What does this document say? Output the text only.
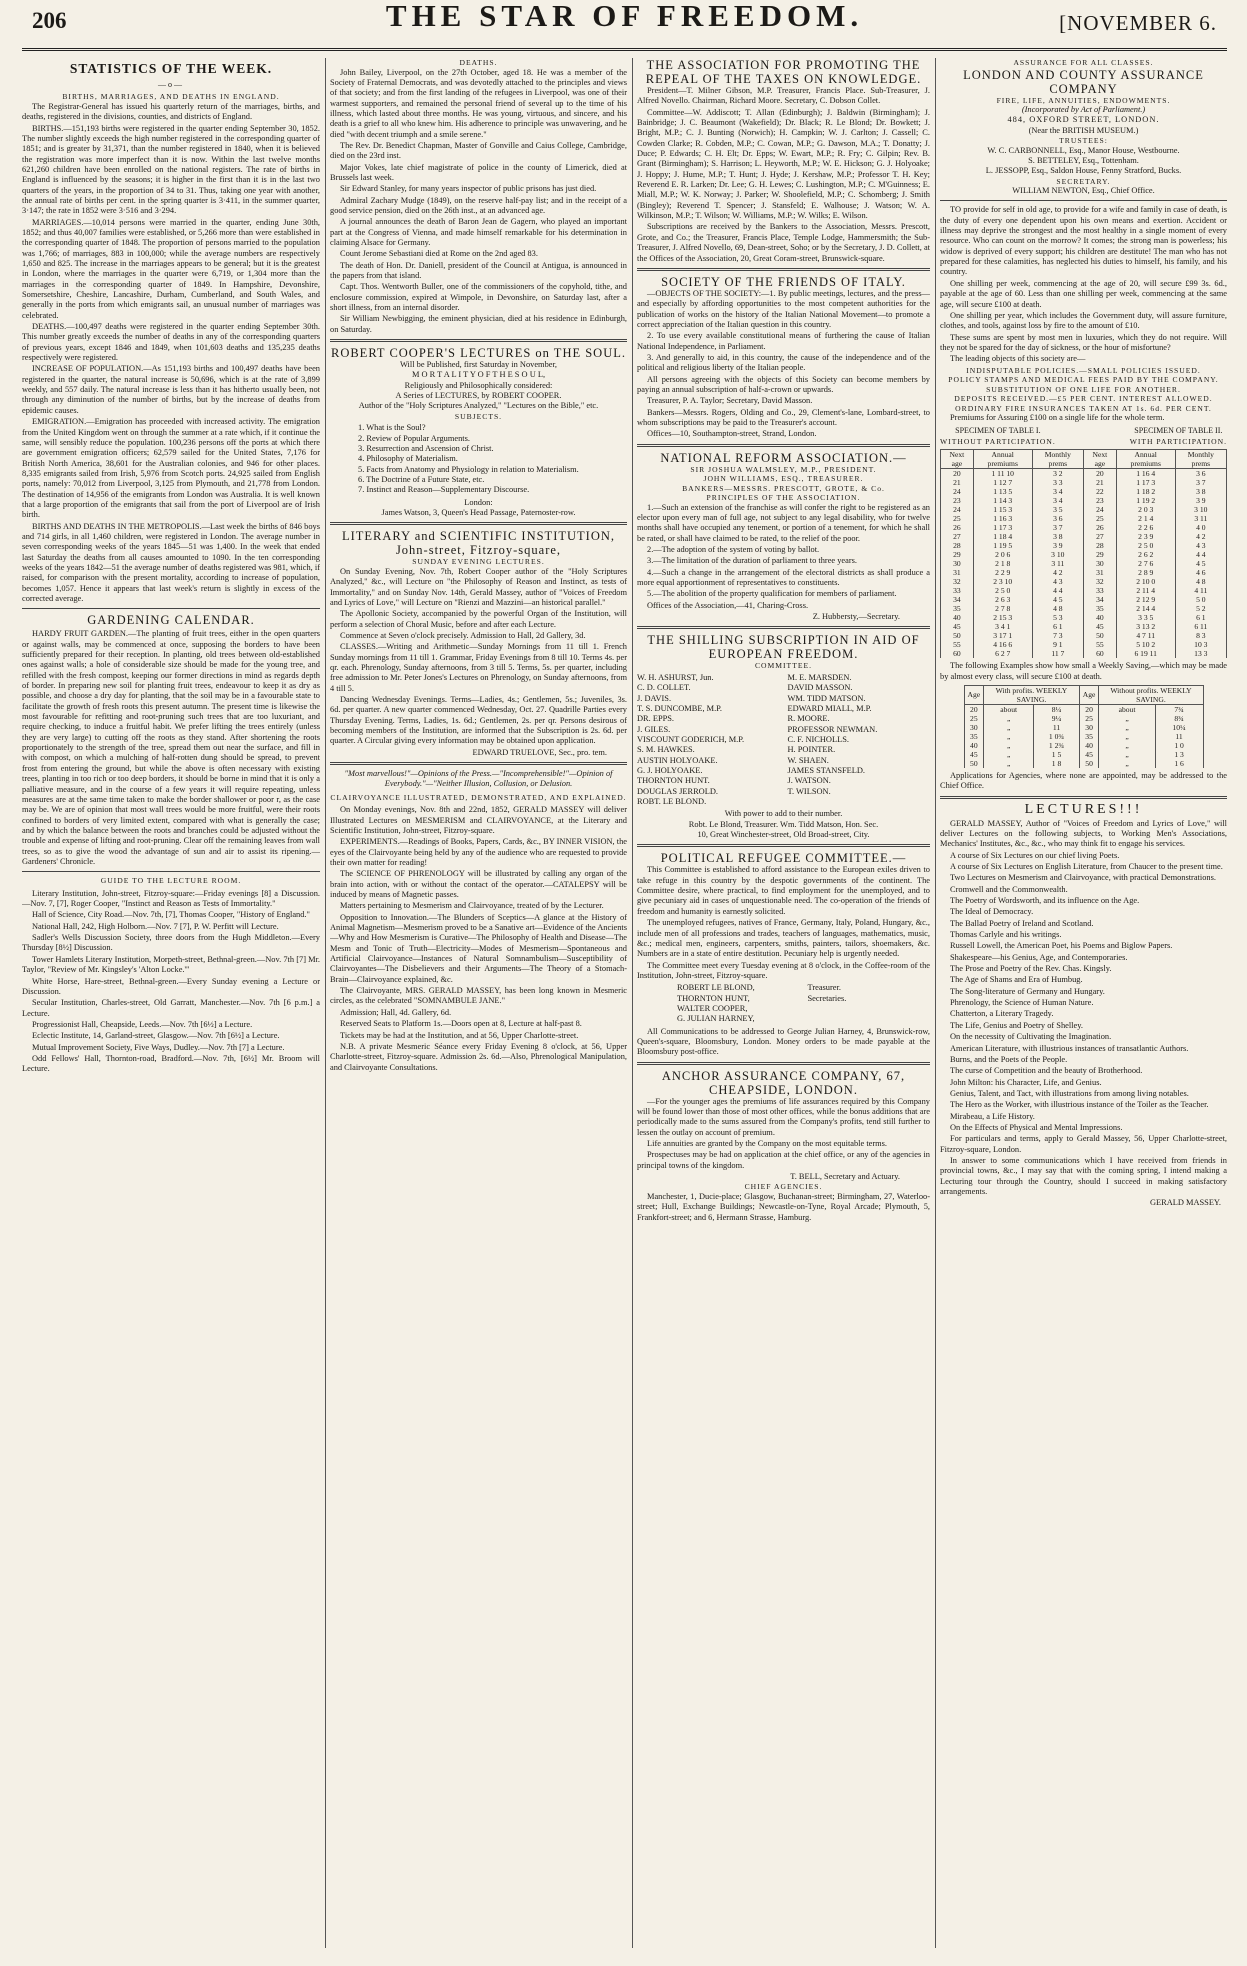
206	THE STAR OF FREEDOM.	[NOVEMBER 6.
STATISTICS OF THE WEEK.
—o—
BIRTHS, MARRIAGES, AND DEATHS IN ENGLAND.

The Registrar-General has issued his quarterly return of the marriages, births, and deaths, registered in the divisions, counties, and districts of England.

BIRTHS.—151,193 births were registered in the quarter ending September 30, 1852. The number slightly exceeds the high number registered in the corresponding quarter of 1851; and is greater by 31,371, than the number registered in 1840, when it is believed the registration was more imperfect than it is now. Within the last twelve months 621,260 children have been enrolled on the national registers. The rate of births in England is influenced by the seasons; it is higher in the first than it is in the last two quarters of the years, in the proportion of 34 to 31. Thus, taking one year with another, the annual rate of births per cent. in the spring quarter is 3·411, in the summer quarter, 3·147; the rate in 1852 were 3·516 and 3·294.

MARRIAGES.—10,014 persons were married in the quarter, ending June 30th, 1852; and thus 40,007 families were established, or 5,266 more than were established in the corresponding quarter of 1848. The proportion of persons married to the population was 1,766; of marriages, 883 in 100,000; while the average numbers are respectively 1,650 and 825. The increase in the marriages appears to be general; but it is the greatest in London, where the marriages in the quarter were 6,719, or 1,304 more than the marriages in the corresponding quarter of 1849. In Hampshire, Devonshire, Somersetshire, Cheshire, Lancashire, Durham, Cumberland, and South Wales, and generally in the ports from which emigrants sail, an unusual number of marriages was celebrated.

DEATHS.—100,497 deaths were registered in the quarter ending September 30th. This number greatly exceeds the number of deaths in any of the corresponding quarters of previous years, except 1846 and 1849, when 101,603 deaths and 135,235 deaths respectively were registered.

INCREASE OF POPULATION.—As 151,193 births and 100,497 deaths have been registered in the quarter, the natural increase is 50,696, which is at the rate of 3,899 weekly, and 557 daily. The natural increase is less than it has hitherto usually been, not through any diminution of the number of births, but by the increase of deaths from epidemic causes.

EMIGRATION.—Emigration has proceeded with increased activity. The emigration from the United Kingdom went on through the summer at a rate which, if it continue the same, will sensibly reduce the population. 100,236 persons off the ports at which there are government emigration officers; 62,579 sailed for the United States, 7,176 for British North America, 38,601 for the Australian colonies, and 946 for other places. 8,335 emigrants sailed from Irish, 5,976 from Scotch ports. 24,925 sailed from English ports, namely: 70,012 from Liverpool, 3,125 from Plymouth, and 21,778 from London. The destination of 14,956 of the emigrants from London was Australia. It is well known that a large proportion of the emigrants that sail from the port of Liverpool are of Irish birth.

BIRTHS AND DEATHS IN THE METROPOLIS.—Last week the births of 846 boys and 714 girls, in all 1,460 children, were registered in London. The average number in seven corresponding weeks of the years 1845—51 was 1,400. In the week that ended last Saturday the deaths from all causes amounted to 1090. In the ten corresponding weeks of the years 1842—51 the average number of deaths registered was 981, which, if raised, for comparison with the present mortality, according to increase of population, becomes 1,057. Hence it appears that last week's return is slightly in excess of the corrected average.

GARDENING CALENDAR.

HARDY FRUIT GARDEN.—The planting of fruit trees, either in the open quarters or against walls, may be commenced at once, supposing the borders to have been sufficiently prepared for their reception. In planting, old trees between old-established ones against walls; a hole of considerable size should be made for the young tree, and refilled with the fresh compost, keeping our former directions in mind as regards depth of border. In preparing new soil for planting fruit trees, endeavour to keep it as dry as possible, and choose a dry day for planting, that the soil may be in a favourable state to facilitate the growth of fresh roots this present autumn. The present time is likewise the most favourable for refitting and root-pruning such trees that are too luxuriant, and require checking, to induce a fruitful habit. We prefer lifting the trees entirely (unless they are very large) to cutting off the roots as they stand. After shortening the roots proportionately to the strength of the tree, spread them out near the surface, and fill in with compost, on which a mulching of half-rotten dung should be spread, to prevent frost from entering the ground, but while the above is often necessary with existing trees, planting in too rich or too deep borders, it should be borne in mind that it is only a palliative measure, and in the course of a few years it will require repeating, unless measures are at the same time taken to make the border shallower or poor r, as the case may be. We are of opinion that most wall trees would be more fruitful, were their roots confined to borders of very limited extent, compared with what is generally the case; and by which the balance between the roots and branches could be adjusted without the trouble and expense of lifting and root-pruning. Clear off the remaining leaves from wall trees, so as to give the wood the advantage of sun and air to assist its ripening.—Gardeners' Chronicle.

GUIDE TO THE LECTURE ROOM.

Literary Institution, John-street, Fitzroy-square:—Friday evenings [8] a Discussion.—Nov. 7, [7], Roger Cooper, "Instinct and Reason as Tests of Immortality."

Hall of Science, City Road.—Nov. 7th, [7], Thomas Cooper, "History of England."

National Hall, 242, High Holborn.—Nov. 7 [7], P. W. Perfitt will Lecture.

Sadler's Wells Discussion Society, three doors from the Hugh Middleton.—Every Thursday [8½] Discussion.

Tower Hamlets Literary Institution, Morpeth-street, Bethnal-green.—Nov. 7th [7] Mr. Taylor, "Review of Mr. Kingsley's 'Alton Locke.'"

White Horse, Hare-street, Bethnal-green.—Every Sunday evening a Lecture or Discussion.

Secular Institution, Charles-street, Old Garratt, Manchester.—Nov. 7th [6 p.m.] a Lecture.

Progressionist Hall, Cheapside, Leeds.—Nov. 7th [6½] a Lecture.

Eclectic Institute, 14, Garland-street, Glasgow.—Nov. 7th [6½] a Lecture.

Mutual Improvement Society, Five Ways, Dudley.—Nov. 7th [7] a Lecture.

Odd Fellows' Hall, Thornton-road, Bradford.—Nov. 7th, [6½] Mr. Broom will Lecture.

DEATHS.

John Bailey, Liverpool, on the 27th October, aged 18. He was a member of the Society of Fraternal Democrats, and was devotedly attached to the principles and views of that society; and from the first landing of the refugees in Liverpool, was one of their warmest supporters, and remained the personal friend of several up to the time of his illness, which lasted about three months. He was young, virtuous, and sincere, and his death is a grief to all who knew him. His adherence to principle was unwavering, and he died "with decent triumph and a smile serene."

The Rev. Dr. Benedict Chapman, Master of Gonville and Caius College, Cambridge, died on the 23rd inst.

Major Vokes, late chief magistrate of police in the county of Limerick, died at Brussels last week.

Sir Edward Stanley, for many years inspector of public prisons has just died.

Admiral Zachary Mudge (1849), on the reserve half-pay list; and in the receipt of a good service pension, died on the 26th inst., at an advanced age.

A journal announces the death of Baron Jean de Gagern, who played an important part at the Congress of Vienna, and made himself remarkable for his determination in claiming Alsace for Germany.

Count Jerome Sebastiani died at Rome on the 2nd aged 83.

The death of Hon. Dr. Daniell, president of the Council at Antigua, is announced in the papers from that island.

Capt. Thos. Wentworth Buller, one of the commissioners of the copyhold, tithe, and enclosure commission, expired at Wimpole, in Devonshire, on Saturday last, after a short illness, from an internal disorder.

Sir William Newbigging, the eminent physician, died at his residence in Edinburgh, on Saturday.

ROBERT COOPER'S LECTURES on THE SOUL.
Will be Published, first Saturday in November,
M O R T A L I T Y O F T H E S O U L,
Religiously and Philosophically considered:
A Series of LECTURES, by ROBERT COOPER.
Author of the "Holy Scriptures Analyzed," "Lectures on the Bible," etc.
SUBJECTS.
1. What is the Soul?
2. Review of Popular Arguments.
3. Resurrection and Ascension of Christ.
4. Philosophy of Materialism.
5. Facts from Anatomy and Physiology in relation to Materialism.
6. The Doctrine of a Future State, etc.
7. Instinct and Reason—Supplementary Discourse.
London:
James Watson, 3, Queen's Head Passage, Paternoster-row.
LITERARY and SCIENTIFIC INSTITUTION, John-street, Fitzroy-square,
SUNDAY EVENING LECTURES.

On Sunday Evening, Nov. 7th, Robert Cooper author of the "Holy Scriptures Analyzed," &c., will Lecture on "the Philosophy of Reason and Instinct, as tests of Immortality," and on Sunday Nov. 14th, Gerald Massey, author of "Voices of Freedom and Lyrics of Love," will Lecture on "Rienzi and Mazzini—an historical parallel."

The Apollonic Society, accompanied by the powerful Organ of the Institution, will perform a selection of Choral Music, before and after each Lecture.

Commence at Seven o'clock precisely. Admission to Hall, 2d Gallery, 3d.

CLASSES.—Writing and Arithmetic—Sunday Mornings from 11 till 1. French Sunday mornings from 11 till 1. Grammar, Friday Evenings from 8 till 10. Terms 4s. per qr. each. Phrenology, Sunday afternoons, from 3 till 5. Terms, 5s. per quarter, including free admission to Mr. Peter Jones's Lectures on Phrenology, on Sunday afternoons, from 4 till 5.

Dancing Wednesday Evenings. Terms—Ladies, 4s.; Gentlemen, 5s.; Juveniles, 3s. 6d. per quarter. A new quarter commenced Wednesday, Oct. 27. Quadrille Parties every Thursday Evening. Terms, Ladies, 1s. 6d.; Gentlemen, 2s. per qr. Persons desirous of becoming members of the Institution, are informed that the Subscription is 2s. 6d. per quarter. A Circular giving every information may be obtained upon application.

EDWARD TRUELOVE, Sec., pro. tem.

"Most marvellous!"—Opinions of the Press.—"Incomprehensible!"—Opinion of Everybody."—"Neither Illusion, Collusion, or Delusion.

CLAIRVOYANCE ILLUSTRATED, DEMONSTRATED, AND EXPLAINED.

On Monday evenings, Nov. 8th and 22nd, 1852, GERALD MASSEY will deliver Illustrated Lectures on MESMERISM and CLAIRVOYANCE, at the Literary and Scientific Institution, John-street, Fitzroy-square.

EXPERIMENTS.—Readings of Books, Papers, Cards, &c., BY INNER VISION, the eyes of the Clairvoyante being held by any of the audience who are requested to provide their own matter for reading!

The SCIENCE OF PHRENOLOGY will be illustrated by calling any organ of the brain into action, with or without the contact of the operator.—CATALEPSY will be induced by means of Magnetic passes.

Matters pertaining to Mesmerism and Clairvoyance, treated of by the Lecturer.

Opposition to Innovation.—The Blunders of Sceptics—A glance at the History of Animal Magnetism—Mesmerism proved to be a Sanative art—Evidence of the Ancients—Why and How Mesmerism is Curative—The Philosophy of Health and Disease—The Mesm and Tonic of Truth—Electricity—Modes of Mesmerism—Spontaneous and Artificial Clairvoyance—Instances of Natural Somnambulism—Susceptibility of Clairvoyantes—The Disbelievers and their Arguments—The Theory of a Stomach-Brain—Clairvoyance explained, &c.

The Clairvoyante, MRS. GERALD MASSEY, has been long known in Mesmeric circles, as the celebrated "SOMNAMBULE JANE."

Admission; Hall, 4d. Gallery, 6d.

Reserved Seats to Platform 1s.—Doors open at 8, Lecture at half-past 8.

Tickets may be had at the Institution, and at 56, Upper Charlotte-street.

N.B. A private Mesmeric Séance every Friday Evening 8 o'clock, at 56, Upper Charlotte-street, Fitzroy-square. Admission 2s. 6d.—Also, Phrenological Manipulation, and Clairvoyante Consultations.

THE ASSOCIATION FOR PROMOTING THE REPEAL OF THE TAXES ON KNOWLEDGE.

President—T. Milner Gibson, M.P. Treasurer, Francis Place. Sub-Treasurer, J. Alfred Novello. Chairman, Richard Moore. Secretary, C. Dobson Collet.

Committee—W. Addiscott; T. Allan (Edinburgh); J. Baldwin (Birmingham); J. Bainbridge; J. C. Beaumont (Wakefield); Dr. Black; R. Le Blond; Dr. Bowkett; J. Bright, M.P.; C. J. Bunting (Norwich); H. Campkin; W. J. Carlton; J. Cassell; C. Cowden Clarke; R. Cobden, M.P.; C. Cowan, M.P.; G. Dawson, M.A.; T. Donatty; J. Duce; P. Edwards; C. H. Elt; Dr. Epps; W. Ewart, M.P.; R. Fry; C. Gilpin; Rev. B. Grant (Birmingham); S. Harrison; L. Heyworth, M.P.; W. E. Hickson; G. J. Holyoake; J. Hoppy; J. Hume, M.P.; T. Hunt; J. Hyde; J. Kershaw, M.P.; Professor T. H. Key; Reverend E. R. Larken; Dr. Lee; G. H. Lewes; C. Lushington, M.P.; C. M'Guinness; E. Miall, M.P.; W. K. Norway; J. Parker; W. Shoolefield, M.P.; C. Schomberg; J. Smith (Bingley); Reverend T. Spencer; J. Stansfeld; E. Walhouse; J. Watson; W. A. Wilkinson, M.P.; T. Wilson; W. Williams, M.P.; W. Wilks; E. Wilson.

Subscriptions are received by the Bankers to the Association, Messrs. Prescott, Grote, and Co.; the Treasurer, Francis Place, Temple Lodge, Hammersmith; the Sub-Treasurer, J. Alfred Novello, 69, Dean-street, Soho; or by the Secretary, J. D. Collett, at the Offices of the Association, 20, Great Coram-street, Brunswick-square.

SOCIETY OF THE FRIENDS OF ITALY.

—OBJECTS OF THE SOCIETY:—1. By public meetings, lectures, and the press—and especially by affording opportunities to the most competent authorities for the publication of works on the history of the Italian National Movement—to promote a correct appreciation of the Italian question in this country.

2. To use every available constitutional means of furthering the cause of Italian National Independence, in Parliament.

3. And generally to aid, in this country, the cause of the independence and of the political and religious liberty of the Italian people.

All persons agreeing with the objects of this Society can become members by paying an annual subscription of half-a-crown or upwards.

Treasurer, P. A. Taylor; Secretary, David Masson.

Bankers—Messrs. Rogers, Olding and Co., 29, Clement's-lane, Lombard-street, to whom subscriptions may be paid to the Treasurer's account.

Offices—10, Southampton-street, Strand, London.

NATIONAL REFORM ASSOCIATION.—
SIR JOSHUA WALMSLEY, M.P., PRESIDENT.
JOHN WILLIAMS, ESQ., TREASURER.
BANKERS—MESSRS. PRESCOTT, GROTE, & Co.
PRINCIPLES OF THE ASSOCIATION.

1.—Such an extension of the franchise as will confer the right to be registered as an elector upon every man of full age, not subject to any legal disability, who for twelve months shall have occupied any tenement, or portion of a tenement, for which he shall be rated, or shall have claimed to be rated, to the relief of the poor.

2.—The adoption of the system of voting by ballot.

3.—The limitation of the duration of parliament to three years.

4.—Such a change in the arrangement of the electoral districts as shall produce a more equal apportionment of representatives to constituents.

5.—The abolition of the property qualification for members of parliament.

Offices of the Association,—41, Charing-Cross.

Z. Hubbersty,—Secretary.
THE SHILLING SUBSCRIPTION IN AID OF EUROPEAN FREEDOM.
COMMITTEE.
W. H. ASHURST, Jun.
C. D. COLLET.
J. DAVIS.
T. S. DUNCOMBE, M.P.
DR. EPPS.
J. GILES.
VISCOUNT GODERICH, M.P.
S. M. HAWKES.
AUSTIN HOLYOAKE.
G. J. HOLYOAKE.
THORNTON HUNT.
DOUGLAS JERROLD.
ROBT. LE BLOND.
M. E. MARSDEN.
DAVID MASSON.
WM. TIDD MATSON.
EDWARD MIALL, M.P.
R. MOORE.
PROFESSOR NEWMAN.
C. F. NICHOLLS.
H. POINTER.
W. SHAEN.
JAMES STANSFELD.
J. WATSON.
T. WILSON.
With power to add to their number.
Robt. Le Blond, Treasurer. Wm. Tidd Matson, Hon. Sec.
10, Great Winchester-street, Old Broad-street, City.
POLITICAL REFUGEE COMMITTEE.—

This Committee is established to afford assistance to the European exiles driven to take refuge in this country by the despotic governments of the continent. The Committee desire, where practical, to find employment for the unemployed, and to give pecuniary aid in cases of unquestionable need. The co-operation of the friends of freedom and humanity is earnestly solicited.

The unemployed refugees, natives of France, Germany, Italy, Poland, Hungary, &c., include men of all professions and trades, teachers of languages, mathematics, music, &c.; medical men, engineers, carpenters, smiths, painters, tailors, shoemakers, &c. Numbers are in a state of entire destitution. Pecuniary help is urgently needed.

The Committee meet every Tuesday evening at 8 o'clock, in the Coffee-room of the Institution, John-street, Fitzroy-square.

ROBERT LE BLOND,
THORNTON HUNT,
WALTER COOPER,
G. JULIAN HARNEY,
Treasurer.
Secretaries.

All Communications to be addressed to George Julian Harney, 4, Brunswick-row, Queen's-square, Bloomsbury, London. Money orders to be made payable at the Bloomsbury post-office.

ANCHOR ASSURANCE COMPANY, 67, CHEAPSIDE, LONDON.

—For the younger ages the premiums of life assurances required by this Company will be found lower than those of most other offices, while the bonus additions that are periodically made to the sums assured from the Company's profits, tend still further to lessen the outlay on account of premium.

Life annuities are granted by the Company on the most equitable terms.

Prospectuses may be had on application at the chief office, or any of the agencies in principal towns of the kingdom.

T. BELL, Secretary and Actuary.
CHIEF AGENCIES.

Manchester, 1, Ducie-place; Glasgow, Buchanan-street; Birmingham, 27, Waterloo-street; Hull, Exchange Buildings; Newcastle-on-Tyne, Royal Arcade; Plymouth, 5, Frankfort-street; and 6, Hermann Strasse, Hamburg.

ASSURANCE FOR ALL CLASSES.
LONDON AND COUNTY ASSURANCE COMPANY
FIRE, LIFE, ANNUITIES, ENDOWMENTS.
(Incorporated by Act of Parliament.)
484, OXFORD STREET, LONDON.
(Near the BRITISH MUSEUM.)
TRUSTEES:
W. C. CARBONNELL, Esq., Manor House, Westbourne.
S. BETTELEY, Esq., Tottenham.
L. JESSOPP, Esq., Saldon House, Fenny Stratford, Bucks.
SECRETARY.
WILLIAM NEWTON, Esq., Chief Office.

TO provide for self in old age, to provide for a wife and family in case of death, is the duty of every one dependent upon his own means and exertion. Accident or illness may deprive the strongest and the most healthy in a single moment of every resource. Who can count on the morrow? It comes; the strong man is powerless; his widow is deprived of every support; his children are destitute! The man who has not prepared for these calamities, has neglected his duties to himself, his family, and his country.

One shilling per week, commencing at the age of 20, will secure £99 3s. 6d., payable at the age of 60. Less than one shilling per week, commencing at the same age, will secure £100 at death.

One shilling per year, which includes the Government duty, will assure furniture, clothes, and tools, against loss by fire to the amount of £10.

These sums are spent by most men in luxuries, which they do not require. Will they not be spared for the day of sickness, or the hour of misfortune?

The leading objects of this society are—

INDISPUTABLE POLICIES.—SMALL POLICIES ISSUED.
POLICY STAMPS AND MEDICAL FEES PAID BY THE COMPANY.
SUBSTITUTION OF ONE LIFE FOR ANOTHER.
DEPOSITS RECEIVED.—£5 PER CENT. INTEREST ALLOWED.
ORDINARY FIRE INSURANCES TAKEN AT 1s. 6d. PER CENT.

Premiums for Assuring £100 on a single life for the whole term.

SPECIMEN OF TABLE I.
WITHOUT PARTICIPATION.
SPECIMEN OF TABLE II.
WITH PARTICIPATION.
Next age	Annual premiums	Monthly prems	Next age	Annual premiums	Monthly prems
20	1 11 10	3 2	20	1 16 4	3 6
21	1 12 7	3 3	21	1 17 3	3 7
24	1 13 5	3 4	22	1 18 2	3 8
23	1 14 3	3 4	23	1 19 2	3 9
24	1 15 3	3 5	24	2 0 3	3 10
25	1 16 3	3 6	25	2 1 4	3 11
26	1 17 3	3 7	26	2 2 6	4 0
27	1 18 4	3 8	27	2 3 9	4 2
28	1 19 5	3 9	28	2 5 0	4 3
29	2 0 6	3 10	29	2 6 2	4 4
30	2 1 8	3 11	30	2 7 6	4 5
31	2 2 9	4 2	31	2 8 9	4 6
32	2 3 10	4 3	32	2 10 0	4 8
33	2 5 0	4 4	33	2 11 4	4 11
34	2 6 3	4 5	34	2 12 9	5 0
35	2 7 8	4 8	35	2 14 4	5 2
40	2 15 3	5 3	40	3 3 5	6 1
45	3 4 1	6 1	45	3 13 2	6 11
50	3 17 1	7 3	50	4 7 11	8 3
55	4 16 6	9 1	55	5 10 2	10 3
60	6 2 7	11 7	60	6 19 11	13 3

The following Examples show how small a Weekly Saving,—which may be made by almost every class, will secure £100 at death.

Age	With profits. WEEKLY SAVING.		Age	Without profits. WEEKLY SAVING.	
20	about	8¼	20	about	7¾
25	„	9¼	25	„	8¾
30	„	11	30	„	10¼
35	„	1 0¾	35	„	11
40	„	1 2¾	40	„	1 0
45	„	1 5	45	„	1 3
50	„	1 8	50	„	1 6

Applications for Agencies, where none are appointed, may be addressed to the Chief Office.

LECTURES!!!

GERALD MASSEY, Author of "Voices of Freedom and Lyrics of Love," will deliver Lectures on the following subjects, to Working Men's Associations, Mechanics' Institutes, &c., &c., who may think fit to engage his services.

A course of Six Lectures on our chief living Poets.

A course of Six Lectures on English Literature, from Chaucer to the present time.

Two Lectures on Mesmerism and Clairvoyance, with practical Demonstrations.

Cromwell and the Commonwealth.

The Poetry of Wordsworth, and its influence on the Age.

The Ideal of Democracy.

The Ballad Poetry of Ireland and Scotland.

Thomas Carlyle and his writings.

Russell Lowell, the American Poet, his Poems and Biglow Papers.

Shakespeare—his Genius, Age, and Contemporaries.

The Prose and Poetry of the Rev. Chas. Kingsly.

The Age of Shams and Era of Humbug.

The Song-literature of Germany and Hungary.

Phrenology, the Science of Human Nature.

Chatterton, a Literary Tragedy.

The Life, Genius and Poetry of Shelley.

On the necessity of Cultivating the Imagination.

American Literature, with illustrious instances of transatlantic Authors.

Burns, and the Poets of the People.

The curse of Competition and the beauty of Brotherhood.

John Milton: his Character, Life, and Genius.

Genius, Talent, and Tact, with illustrations from among living notables.

The Hero as the Worker, with illustrious instance of the Toiler as the Teacher.

Mirabeau, a Life History.

On the Effects of Physical and Mental Impressions.

For particulars and terms, apply to Gerald Massey, 56, Upper Charlotte-street, Fitzroy-square, London.

In answer to some communications which I have received from friends in provincial towns, &c., I may say that with the coming spring, I intend making a Lecturing tour through the Country, should I succeed in making satisfactory arrangements.

GERALD MASSEY.
